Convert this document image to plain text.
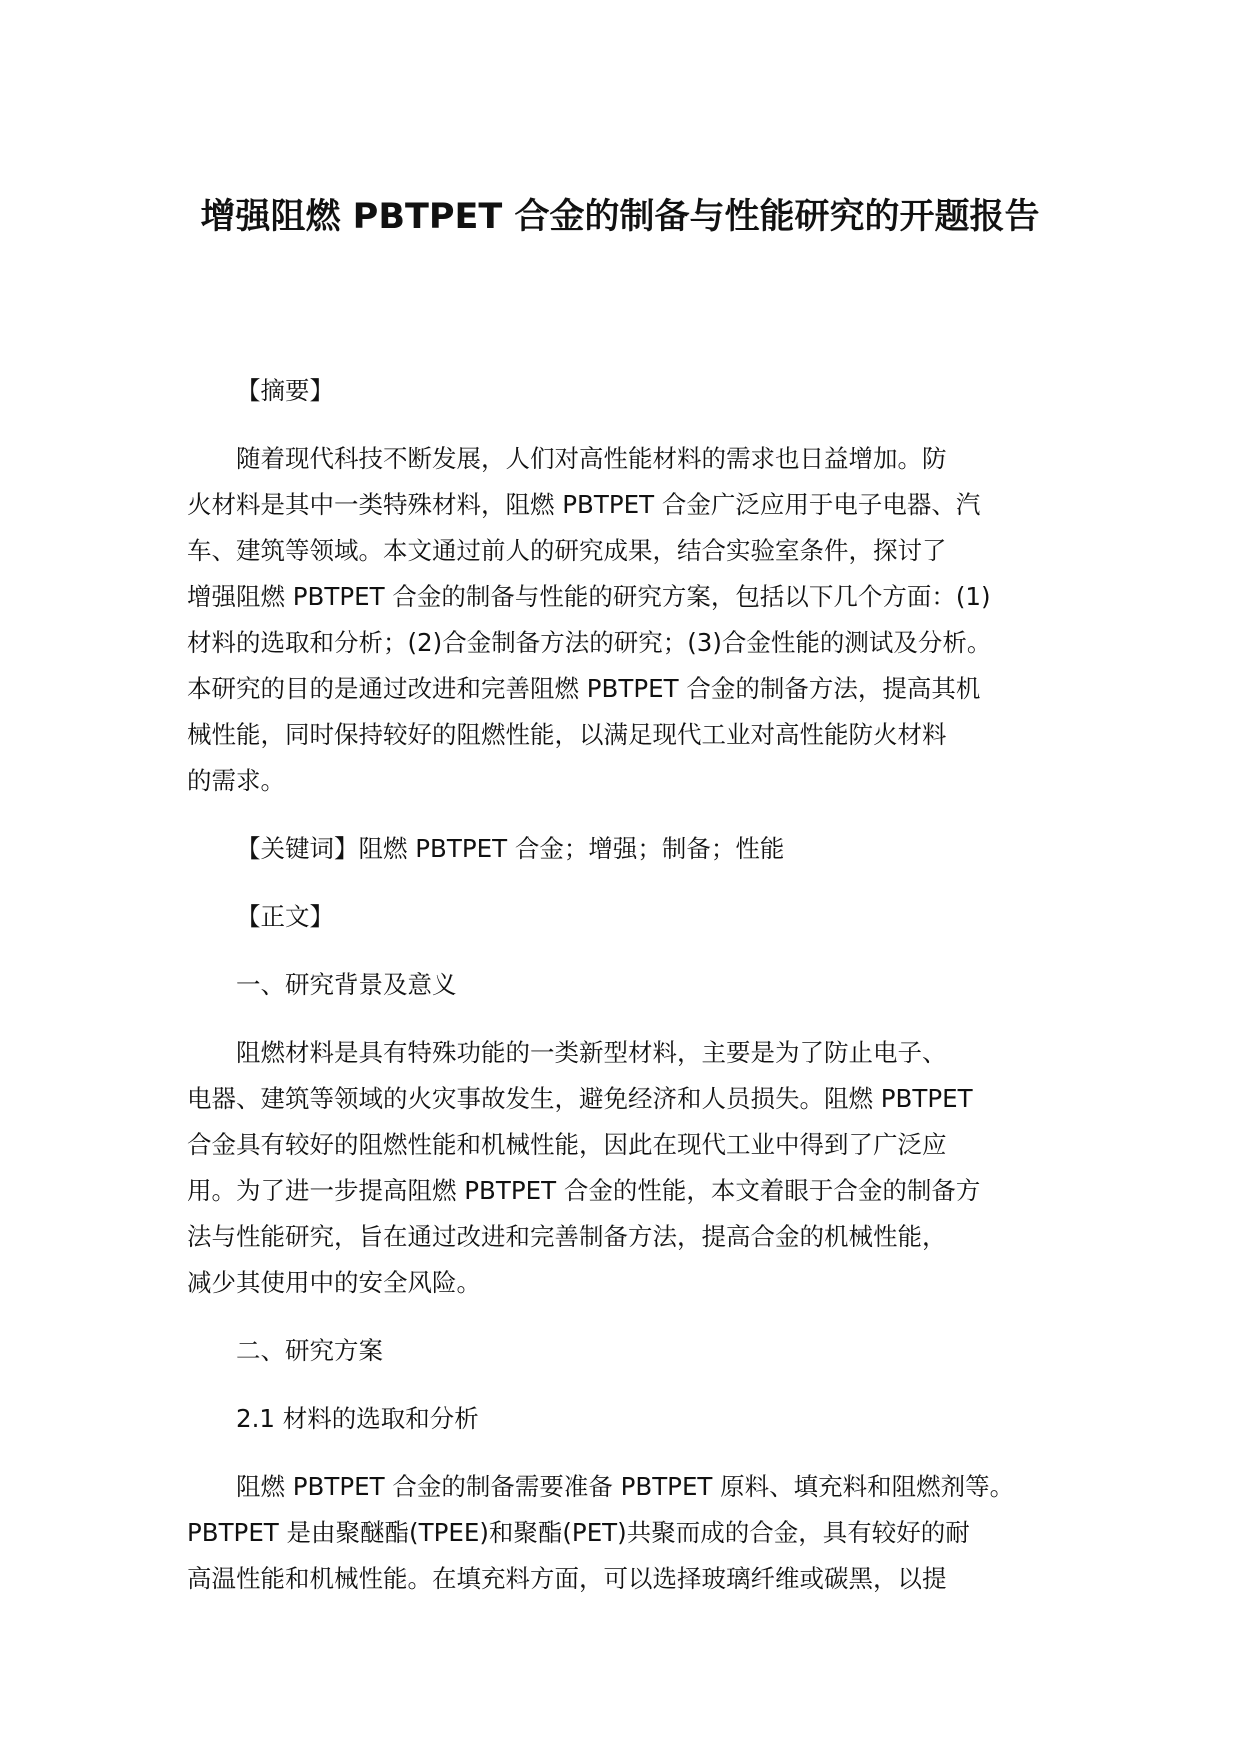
增强阻燃 PBTPET 合金的制备与性能研究的开题报告
【摘要】
随着现代科技不断发展，人们对高性能材料的需求也日益增加。防
火材料是其中一类特殊材料，阻燃 PBTPET 合金广泛应用于电子电器、汽
车、建筑等领域。本文通过前人的研究成果，结合实验室条件，探讨了
增强阻燃 PBTPET 合金的制备与性能的研究方案，包括以下几个方面：(1)
材料的选取和分析；(2)合金制备方法的研究；(3)合金性能的测试及分析。
本研究的目的是通过改进和完善阻燃 PBTPET 合金的制备方法，提高其机
械性能，同时保持较好的阻燃性能，以满足现代工业对高性能防火材料
的需求。
【关键词】阻燃 PBTPET 合金；增强；制备；性能
【正文】
一、研究背景及意义
阻燃材料是具有特殊功能的一类新型材料，主要是为了防止电子、
电器、建筑等领域的火灾事故发生，避免经济和人员损失。阻燃 PBTPET
合金具有较好的阻燃性能和机械性能，因此在现代工业中得到了广泛应
用。为了进一步提高阻燃 PBTPET 合金的性能，本文着眼于合金的制备方
法与性能研究，旨在通过改进和完善制备方法，提高合金的机械性能，
减少其使用中的安全风险。
二、研究方案
2.1 材料的选取和分析
阻燃 PBTPET 合金的制备需要准备 PBTPET 原料、填充料和阻燃剂等。
PBTPET 是由聚醚酯(TPEE)和聚酯(PET)共聚而成的合金，具有较好的耐
高温性能和机械性能。在填充料方面，可以选择玻璃纤维或碳黑，以提
